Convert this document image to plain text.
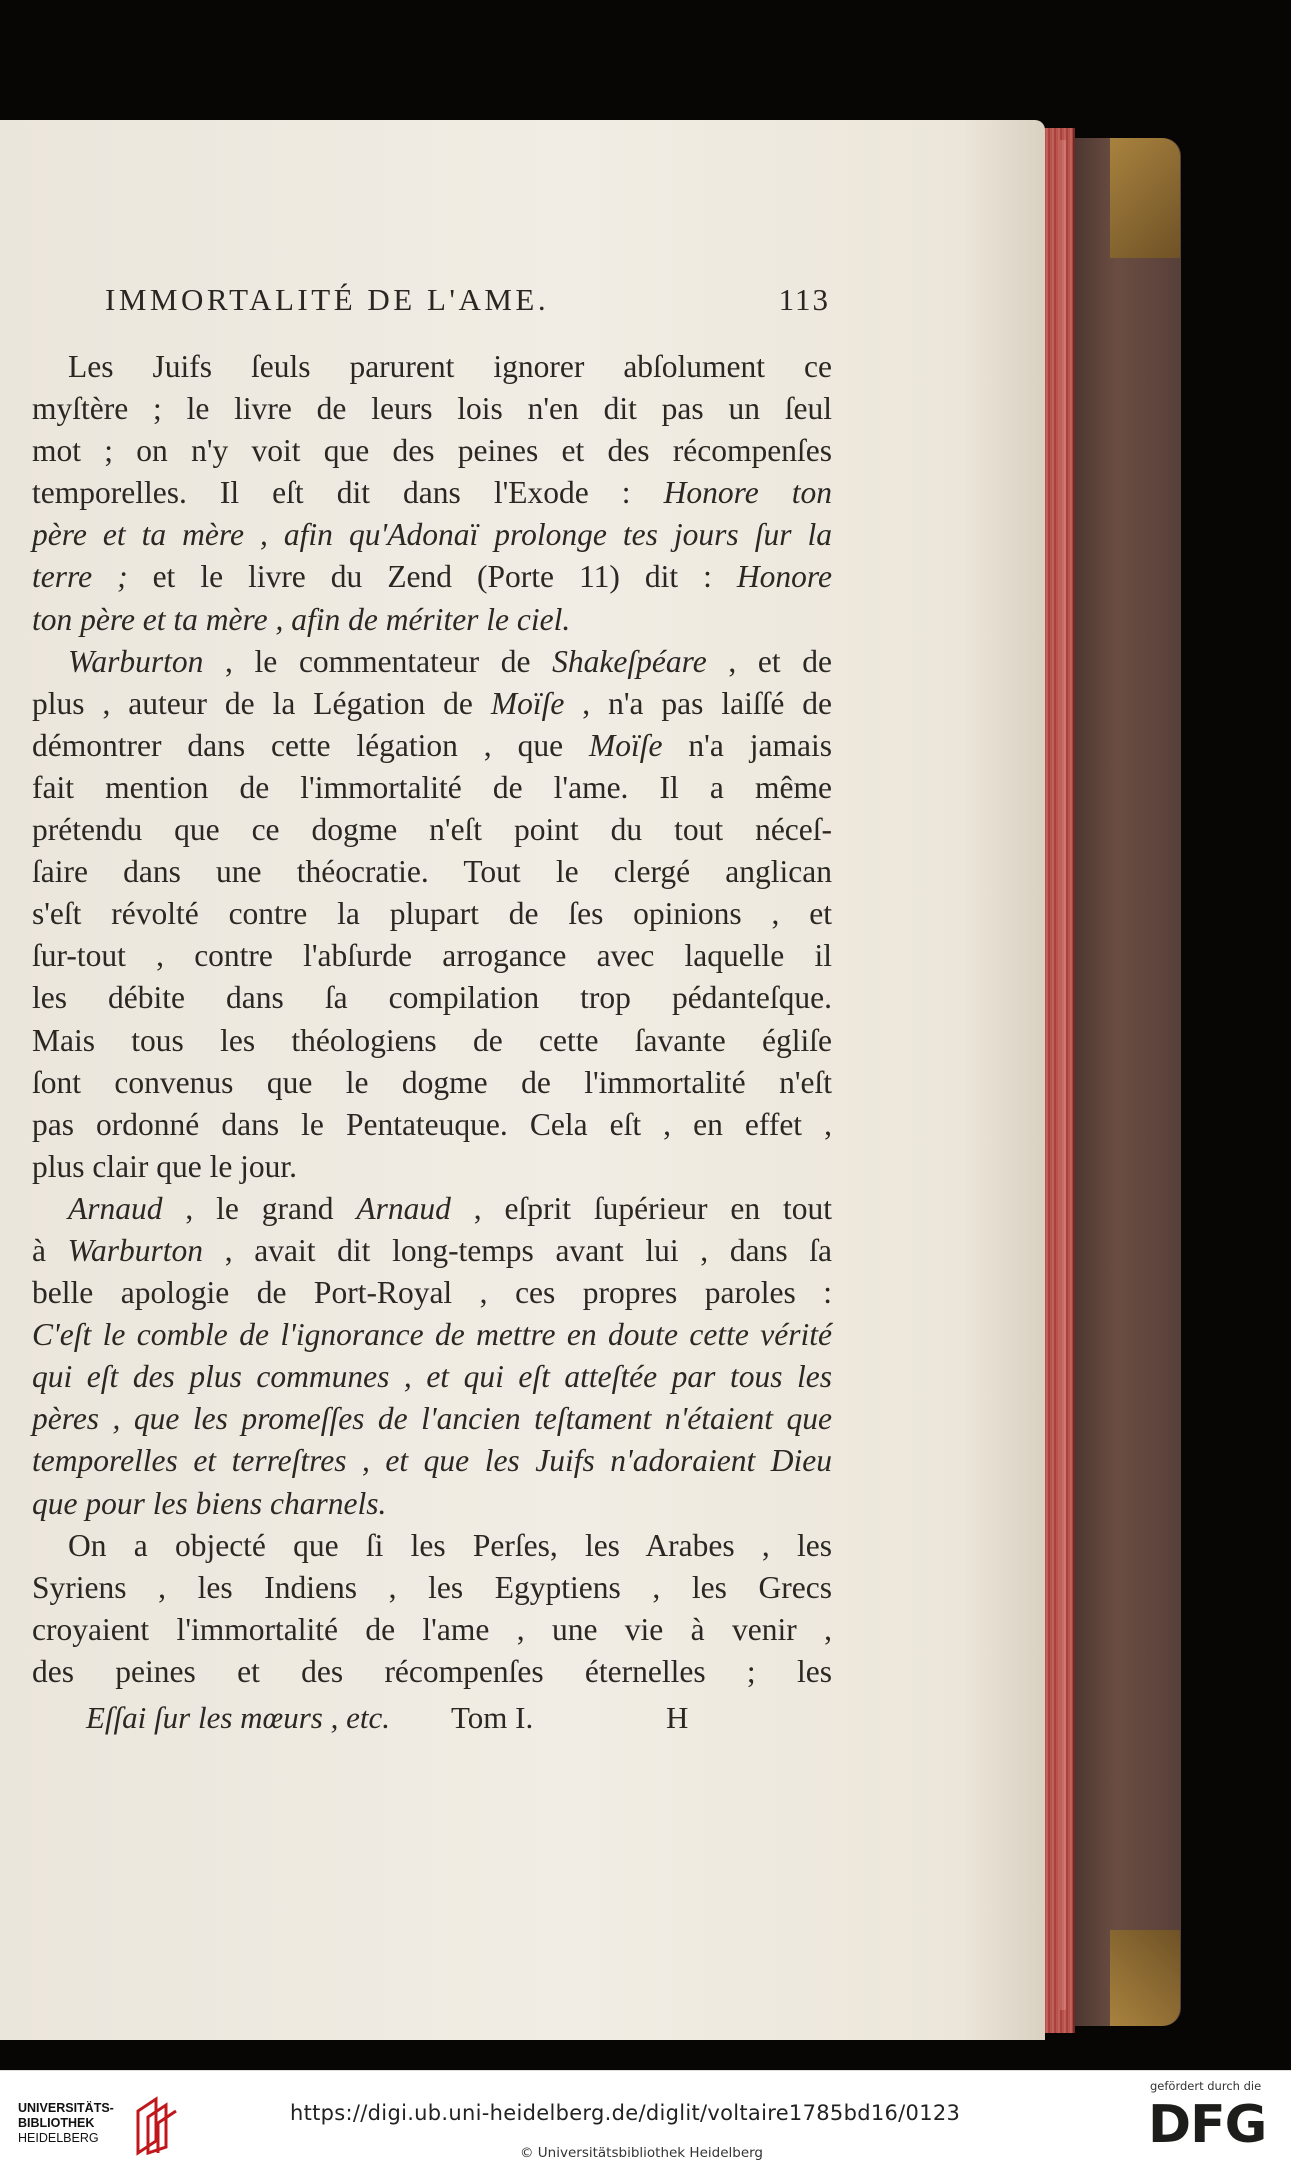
IMMORTALITÉ DE L'AME.	113
Les Juifs ſeuls parurent ignorer abſolument ce
myſtère ; le livre de leurs lois n'en dit pas un ſeul
mot ; on n'y voit que des peines et des récompenſes
temporelles. Il eſt dit dans l'Exode : Honore ton
père et ta mère , afin qu'Adonaï prolonge tes jours ſur la
terre ; et le livre du Zend (Porte 11) dit : Honore
ton père et ta mère , afin de mériter le ciel.
Warburton , le commentateur de Shakeſpéare , et de
plus , auteur de la Légation de Moïſe , n'a pas laiſſé de
démontrer dans cette légation , que Moïſe n'a jamais
fait mention de l'immortalité de l'ame. Il a même
prétendu que ce dogme n'eſt point du tout néceſ-
ſaire dans une théocratie. Tout le clergé anglican
s'eſt révolté contre la plupart de ſes opinions , et
ſur-tout , contre l'abſurde arrogance avec laquelle il
les débite dans ſa compilation trop pédanteſque.
Mais tous les théologiens de cette ſavante égliſe
ſont convenus que le dogme de l'immortalité n'eſt
pas ordonné dans le Pentateuque. Cela eſt , en effet ,
plus clair que le jour.
Arnaud , le grand Arnaud , eſprit ſupérieur en tout
à Warburton , avait dit long-temps avant lui , dans ſa
belle apologie de Port-Royal , ces propres paroles :
C'eſt le comble de l'ignorance de mettre en doute cette vérité
qui eſt des plus communes , et qui eſt atteſtée par tous les
pères , que les promeſſes de l'ancien teſtament n'étaient que
temporelles et terreſtres , et que les Juifs n'adoraient Dieu
que pour les biens charnels.
On a objecté que ſi les Perſes, les Arabes , les
Syriens , les Indiens , les Egyptiens , les Grecs
croyaient l'immortalité de l'ame , une vie à venir ,
des peines et des récompenſes éternelles ; les
Eſſai ſur les mœurs , etc. Tom I.	H
UNIVERSITÄTS-
BIBLIOTHEK
HEIDELBERG
https://digi.ub.uni-heidelberg.de/diglit/voltaire1785bd16/0123
© Universitätsbibliothek Heidelberg
gefördert durch die
DFG
